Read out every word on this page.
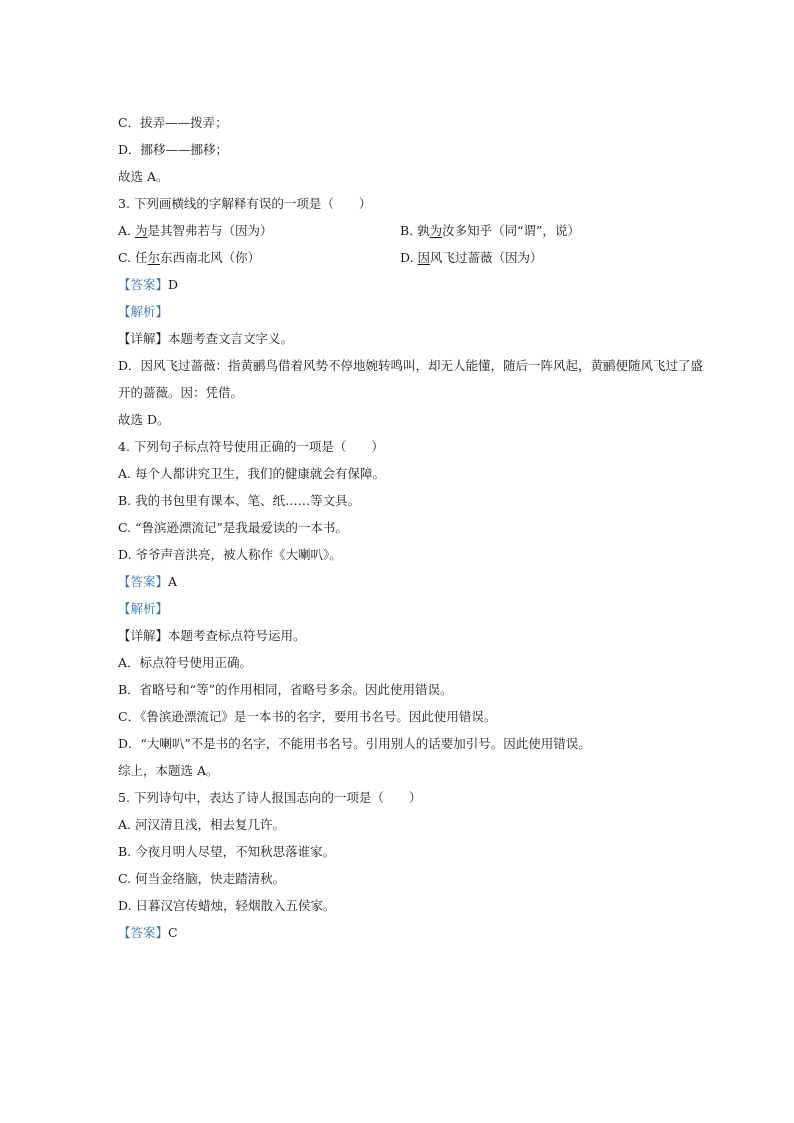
C．拔弄——拨弄；
D．挪移——挪移；
故选 A。
3. 下列画横线的字解释有误的一项是（　　）
A. 为是其智弗若与（因为）	B. 孰为汝多知乎（同“谓”，说）
C. 任尔东西南北风（你）	D. 因风飞过蔷薇（因为）
【答案】D
【解析】
【详解】本题考查文言文字义。
D．因风飞过蔷薇：指黄鹂鸟借着风势不停地婉转鸣叫，却无人能懂，随后一阵风起，黄鹂便随风飞过了盛
开的蔷薇。因：凭借。
故选 D。
4. 下列句子标点符号使用正确的一项是（　　）
A. 每个人都讲究卫生，我们的健康就会有保障。
B. 我的书包里有课本、笔、纸……等文具。
C. “鲁滨逊漂流记”是我最爱读的一本书。
D. 爷爷声音洪亮，被人称作《大喇叭》。
【答案】A
【解析】
【详解】本题考查标点符号运用。
A．标点符号使用正确。
B．省略号和“等”的作用相同，省略号多余。因此使用错误。
C．《鲁滨逊漂流记》是一本书的名字，要用书名号。因此使用错误。
D．“大喇叭”不是书的名字，不能用书名号。引用别人的话要加引号。因此使用错误。
综上，本题选 A。
5. 下列诗句中，表达了诗人报国志向的一项是（　　）
A. 河汉清且浅，相去复几许。
B. 今夜月明人尽望，不知秋思落谁家。
C. 何当金络脑，快走踏清秋。
D. 日暮汉宫传蜡烛，轻烟散入五侯家。
【答案】C
